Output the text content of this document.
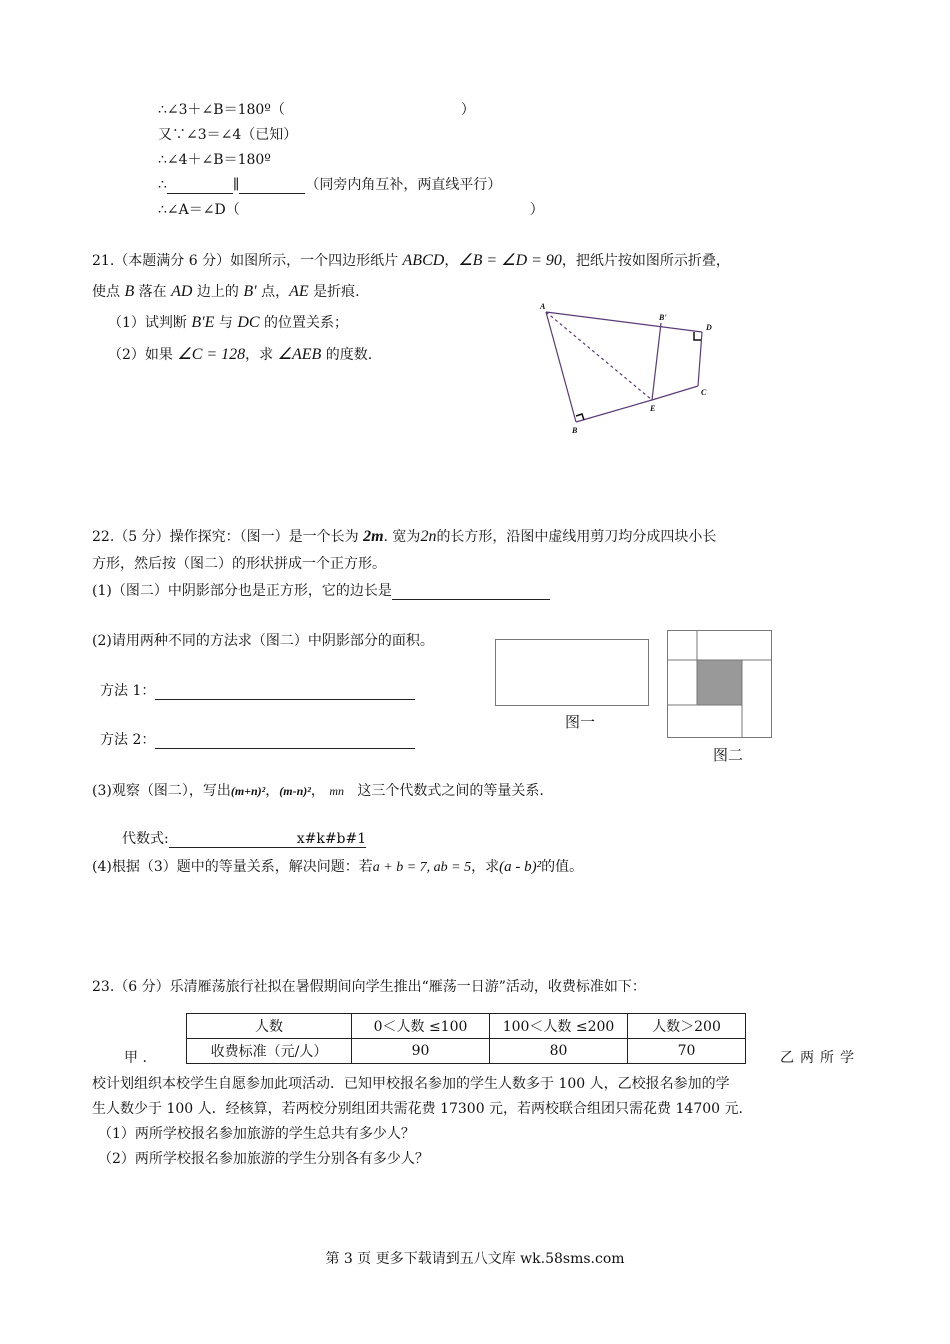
∴∠3＋∠B＝180º（	）
又∵∠3＝∠4（已知）
∴∠4＋∠B＝180º
∴	∥	（同旁内角互补，两直线平行）
∴∠A＝∠D（	）
21.（本题满分 6 分）如图所示，一个四边形纸片 ABCD，∠B = ∠D = 90，把纸片按如图所示折叠，
使点 B 落在 AD 边上的 B′ 点，AE 是折痕.
（1）试判断 B′E 与 DC 的位置关系；
（2）如果 ∠C = 128，求 ∠AEB 的度数.
A
B
B'
D
C
E
22.（5 分）操作探究：（图一）是一个长为 2m. 宽为2n的长方形，沿图中虚线用剪刀均分成四块小长
方形，然后按（图二）的形状拼成一个正方形。
(1)（图二）中阴影部分也是正方形，它的边长是
(2)请用两种不同的方法求（图二）中阴影部分的面积。
方法 1：
方法 2：
图一
图二
(3)观察（图二），写出(m+n)²，(m-n)²， mn 这三个代数式之间的等量关系.
代数式:	x#k#b#1
(4)根据（3）题中的等量关系，解决问题：若a + b = 7, ab = 5，求(a - b)²的值。
23.（6 分）乐清雁荡旅行社拟在暑假期间向学生推出“雁荡一日游”活动，收费标准如下：
人数	0＜人数 ≤100	100＜人数 ≤200	人数＞200
收费标准（元/人）	90	80	70
甲 .	乙两所学
校计划组织本校学生自愿参加此项活动．已知甲校报名参加的学生人数多于 100 人，乙校报名参加的学
生人数少于 100 人．经核算，若两校分别组团共需花费 17300 元，若两校联合组团只需花费 14700 元.
（1）两所学校报名参加旅游的学生总共有多少人？
（2）两所学校报名参加旅游的学生分别各有多少人？
第 3 页 更多下载请到五八文库 wk.58sms.com
